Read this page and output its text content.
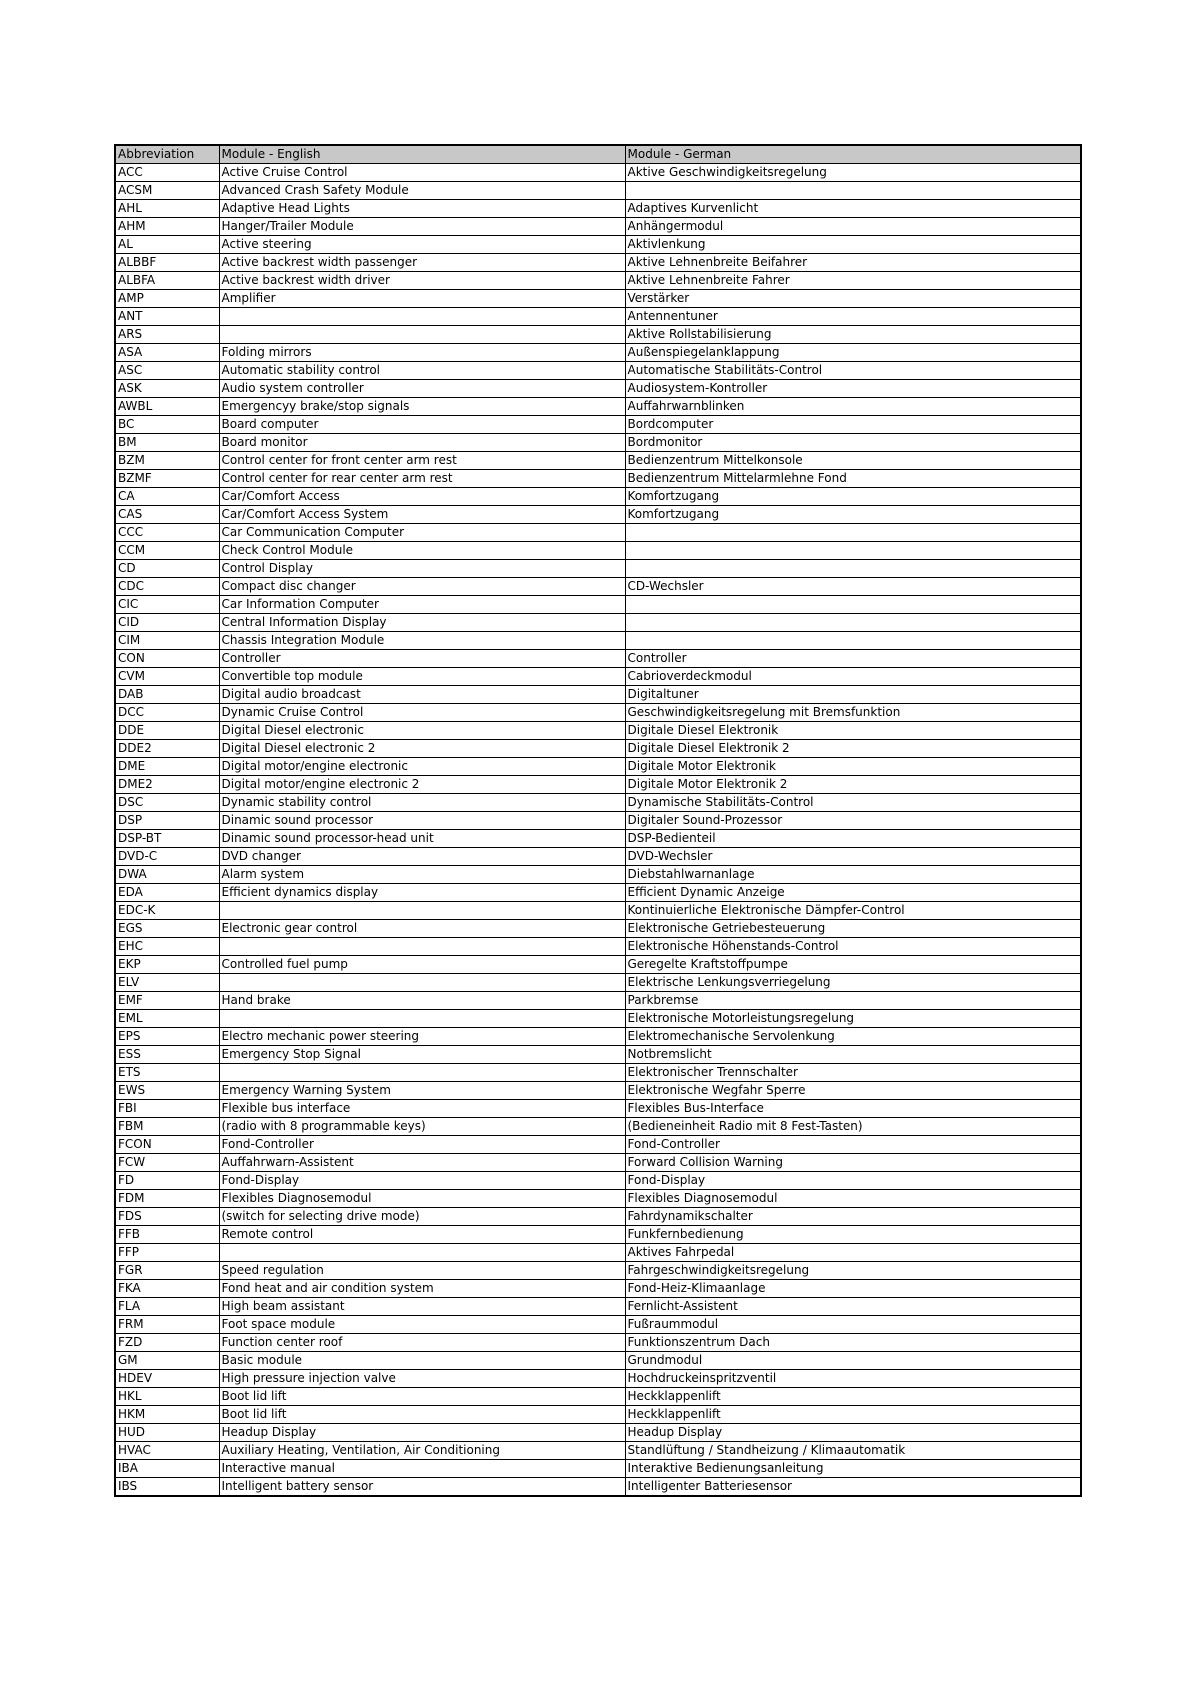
Abbreviation	Module - English	Module - German
ACC	Active Cruise Control	Aktive Geschwindigkeitsregelung
ACSM	Advanced Crash Safety Module	
AHL	Adaptive Head Lights	Adaptives Kurvenlicht
AHM	Hanger/Trailer Module	Anhängermodul
AL	Active steering	Aktivlenkung
ALBBF	Active backrest width passenger	Aktive Lehnenbreite Beifahrer
ALBFA	Active backrest width driver	Aktive Lehnenbreite Fahrer
AMP	Amplifier	Verstärker
ANT		Antennentuner
ARS		Aktive Rollstabilisierung
ASA	Folding mirrors	Außenspiegelanklappung
ASC	Automatic stability control	Automatische Stabilitäts-Control
ASK	Audio system controller	Audiosystem-Kontroller
AWBL	Emergencyy brake/stop signals	Auffahrwarnblinken
BC	Board computer	Bordcomputer
BM	Board monitor	Bordmonitor
BZM	Control center for front center arm rest	Bedienzentrum Mittelkonsole
BZMF	Control center for rear center arm rest	Bedienzentrum Mittelarmlehne Fond
CA	Car/Comfort Access	Komfortzugang
CAS	Car/Comfort Access System	Komfortzugang
CCC	Car Communication Computer	
CCM	Check Control Module	
CD	Control Display	
CDC	Compact disc changer	CD-Wechsler
CIC	Car Information Computer	
CID	Central Information Display	
CIM	Chassis Integration Module	
CON	Controller	Controller
CVM	Convertible top module	Cabrioverdeckmodul
DAB	Digital audio broadcast	Digitaltuner
DCC	Dynamic Cruise Control	Geschwindigkeitsregelung mit Bremsfunktion
DDE	Digital Diesel electronic	Digitale Diesel Elektronik
DDE2	Digital Diesel electronic 2	Digitale Diesel Elektronik 2
DME	Digital motor/engine electronic	Digitale Motor Elektronik
DME2	Digital motor/engine electronic 2	Digitale Motor Elektronik 2
DSC	Dynamic stability control	Dynamische Stabilitäts-Control
DSP	Dinamic sound processor	Digitaler Sound-Prozessor
DSP-BT	Dinamic sound processor-head unit	DSP-Bedienteil
DVD-C	DVD changer	DVD-Wechsler
DWA	Alarm system	Diebstahlwarnanlage
EDA	Efficient dynamics display	Efficient Dynamic Anzeige
EDC-K		Kontinuierliche Elektronische Dämpfer-Control
EGS	Electronic gear control	Elektronische Getriebesteuerung
EHC		Elektronische Höhenstands-Control
EKP	Controlled fuel pump	Geregelte Kraftstoffpumpe
ELV		Elektrische Lenkungsverriegelung
EMF	Hand brake	Parkbremse
EML		Elektronische Motorleistungsregelung
EPS	Electro mechanic power steering	Elektromechanische Servolenkung
ESS	Emergency Stop Signal	Notbremslicht
ETS		Elektronischer Trennschalter
EWS	Emergency Warning System	Elektronische Wegfahr Sperre
FBI	Flexible bus interface	Flexibles Bus-Interface
FBM	(radio with 8 programmable keys)	(Bedieneinheit Radio mit 8 Fest-Tasten)
FCON	Fond-Controller	Fond-Controller
FCW	Auffahrwarn-Assistent	Forward Collision Warning
FD	Fond-Display	Fond-Display
FDM	Flexibles Diagnosemodul	Flexibles Diagnosemodul
FDS	(switch for selecting drive mode)	Fahrdynamikschalter
FFB	Remote control	Funkfernbedienung
FFP		Aktives Fahrpedal
FGR	Speed regulation	Fahrgeschwindigkeitsregelung
FKA	Fond heat and air condition system	Fond-Heiz-Klimaanlage
FLA	High beam assistant	Fernlicht-Assistent
FRM	Foot space module	Fußraummodul
FZD	Function center roof	Funktionszentrum Dach
GM	Basic module	Grundmodul
HDEV	High pressure injection valve	Hochdruckeinspritzventil
HKL	Boot lid lift	Heckklappenlift
HKM	Boot lid lift	Heckklappenlift
HUD	Headup Display	Headup Display
HVAC	Auxiliary Heating, Ventilation, Air Conditioning	Standlüftung / Standheizung / Klimaautomatik
IBA	Interactive manual	Interaktive Bedienungsanleitung
IBS	Intelligent battery sensor	Intelligenter Batteriesensor
